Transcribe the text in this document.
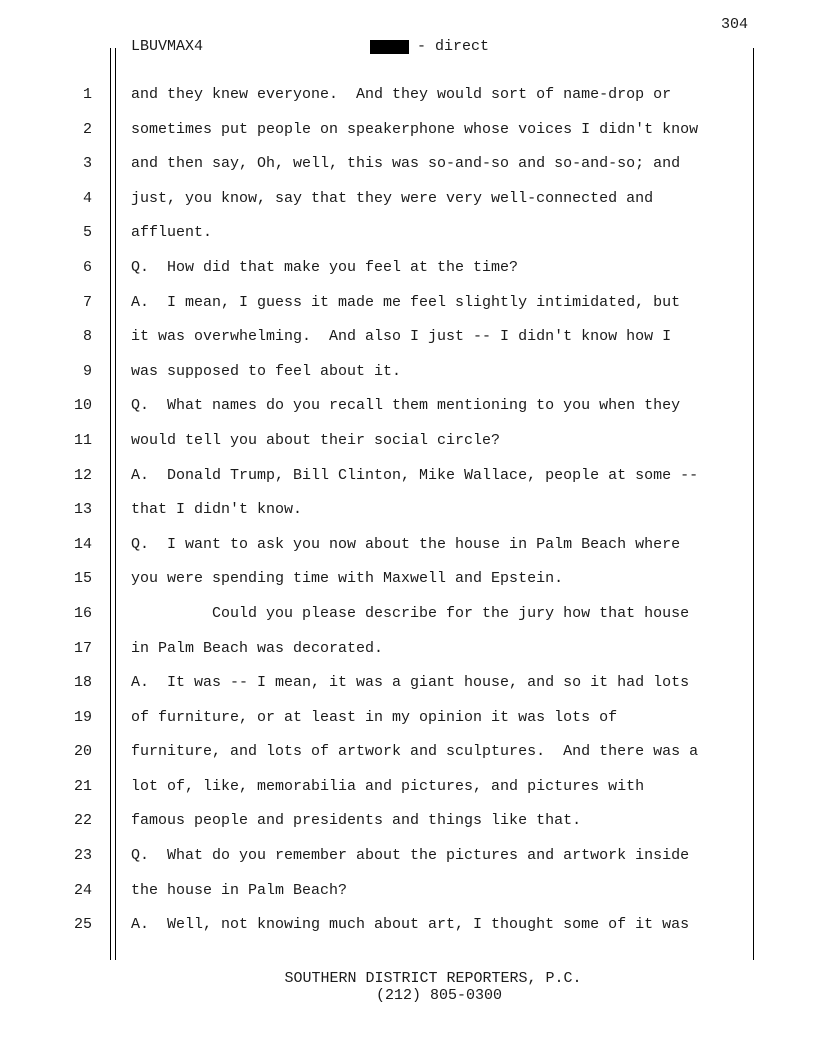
304
LBUVMAX4	- direct
1	and they knew everyone.  And they would sort of name-drop or
2	sometimes put people on speakerphone whose voices I didn't know
3	and then say, Oh, well, this was so-and-so and so-and-so; and
4	just, you know, say that they were very well-connected and
5	affluent.
6	Q.  How did that make you feel at the time?
7	A.  I mean, I guess it made me feel slightly intimidated, but
8	it was overwhelming.  And also I just -- I didn't know how I
9	was supposed to feel about it.
10	Q.  What names do you recall them mentioning to you when they
11	would tell you about their social circle?
12	A.  Donald Trump, Bill Clinton, Mike Wallace, people at some --
13	that I didn't know.
14	Q.  I want to ask you now about the house in Palm Beach where
15	you were spending time with Maxwell and Epstein.
16	Could you please describe for the jury how that house
17	in Palm Beach was decorated.
18	A.  It was -- I mean, it was a giant house, and so it had lots
19	of furniture, or at least in my opinion it was lots of
20	furniture, and lots of artwork and sculptures.  And there was a
21	lot of, like, memorabilia and pictures, and pictures with
22	famous people and presidents and things like that.
23	Q.  What do you remember about the pictures and artwork inside
24	the house in Palm Beach?
25	A.  Well, not knowing much about art, I thought some of it was
SOUTHERN DISTRICT REPORTERS, P.C.
(212) 805-0300
